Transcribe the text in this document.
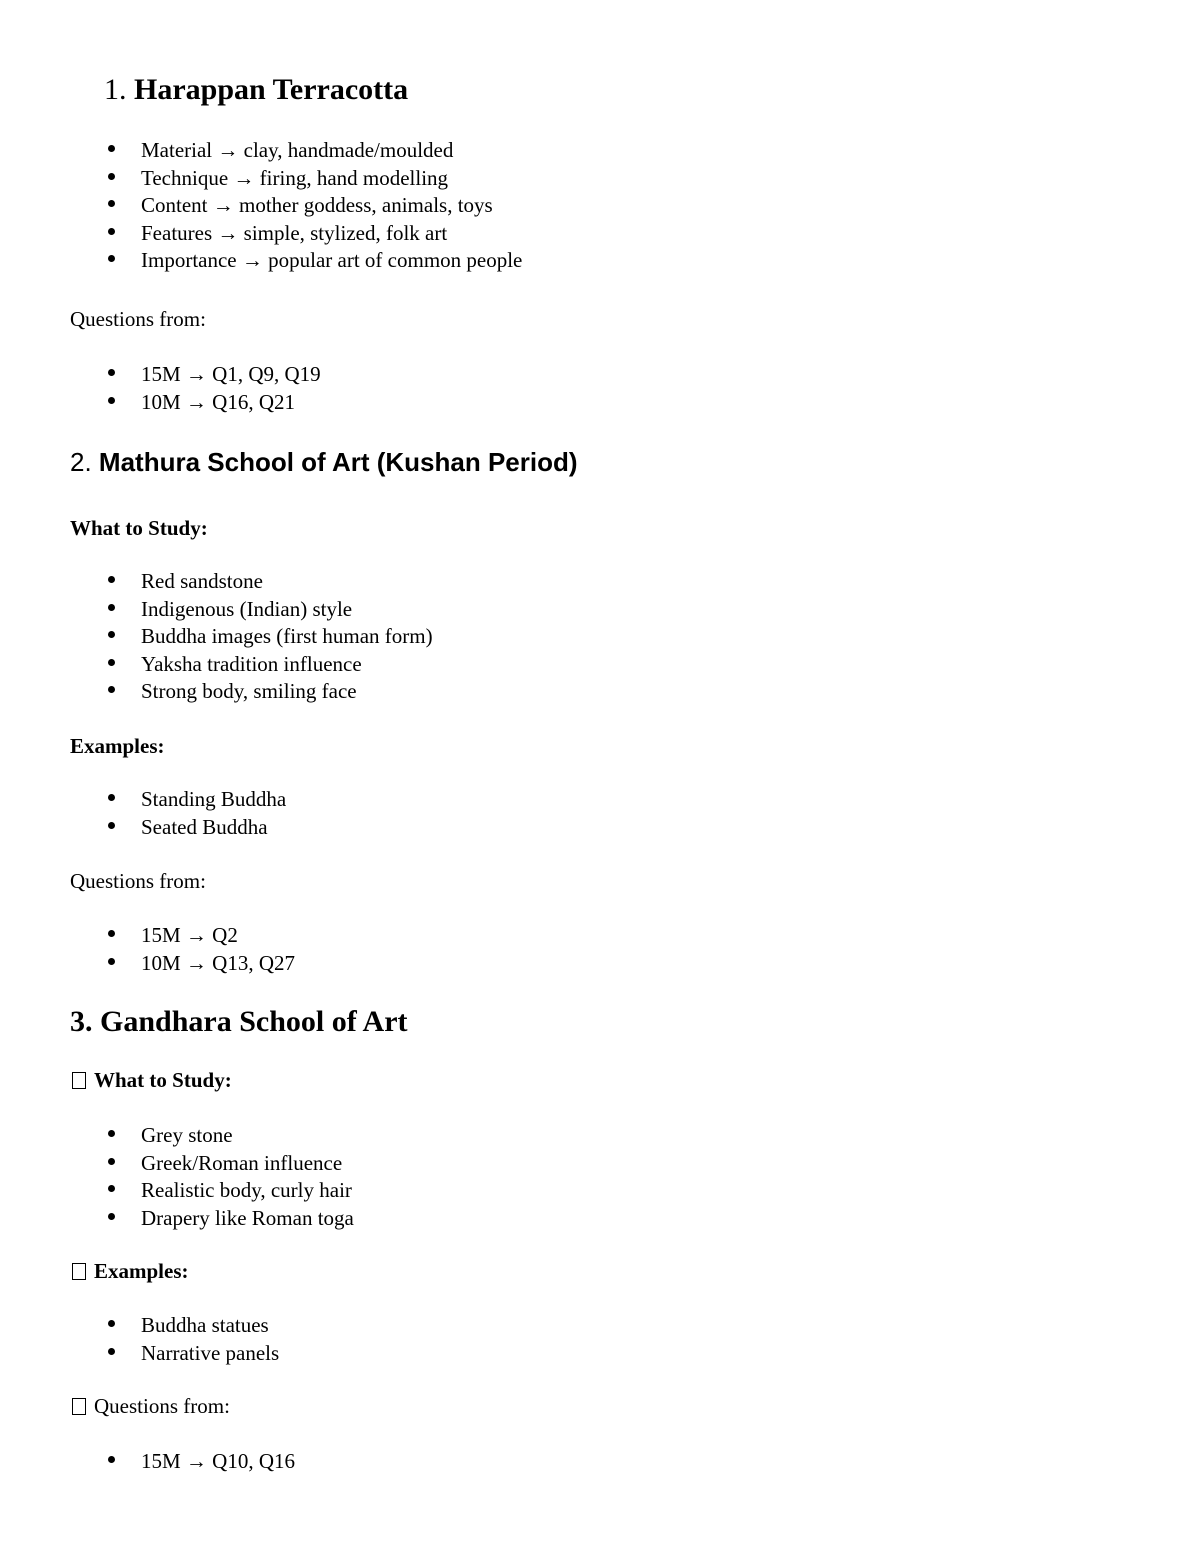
1. Harappan Terracotta
Material → clay, handmade/moulded
Technique → firing, hand modelling
Content → mother goddess, animals, toys
Features → simple, stylized, folk art
Importance → popular art of common people
Questions from:
15M → Q1, Q9, Q19
10M → Q16, Q21
2. Mathura School of Art (Kushan Period)
What to Study:
Red sandstone
Indigenous (Indian) style
Buddha images (first human form)
Yaksha tradition influence
Strong body, smiling face
Examples:
Standing Buddha
Seated Buddha
Questions from:
15M → Q2
10M → Q13, Q27
3. Gandhara School of Art
What to Study:
Grey stone
Greek/Roman influence
Realistic body, curly hair
Drapery like Roman toga
Examples:
Buddha statues
Narrative panels
Questions from:
15M → Q10, Q16
